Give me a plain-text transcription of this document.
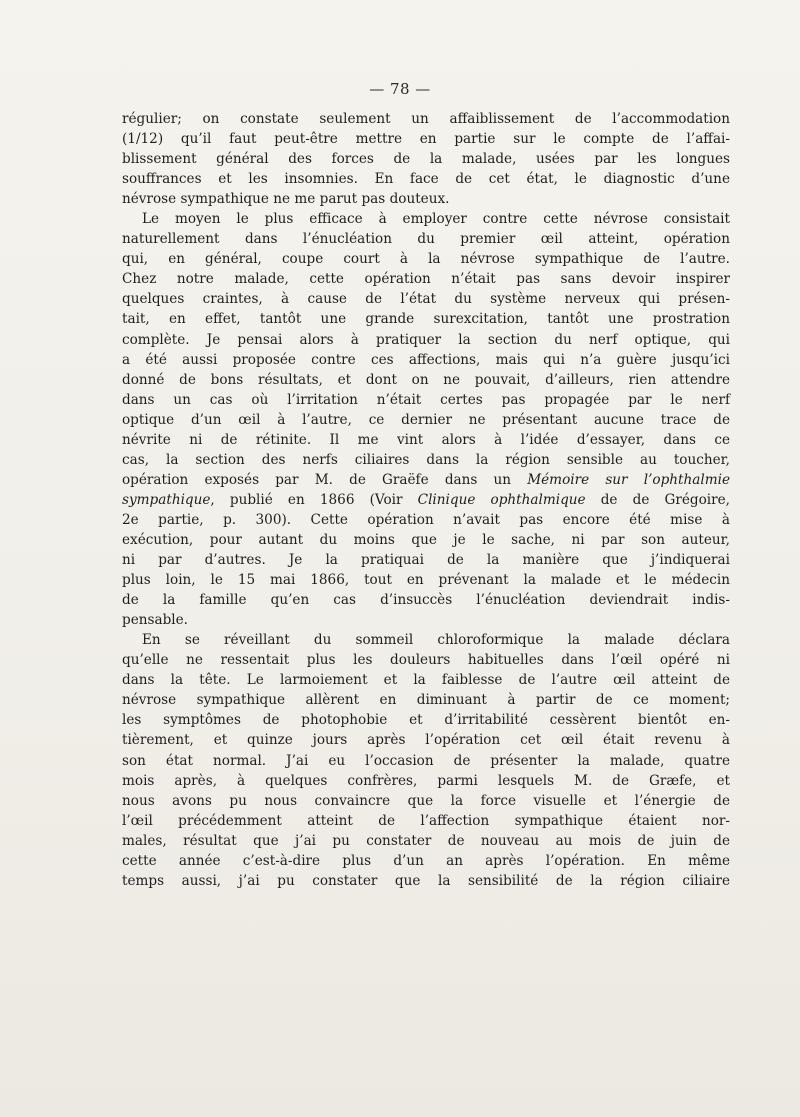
— 78 —
régulier; on constate seulement un affaiblissement de l’accommodation
(1/12) qu’il faut peut-être mettre en partie sur le compte de l’affai-
blissement général des forces de la malade, usées par les longues
souffrances et les insomnies. En face de cet état, le diagnostic d’une
névrose sympathique ne me parut pas douteux.
Le moyen le plus efficace à employer contre cette névrose consistait
naturellement dans l’énucléation du premier œil atteint, opération
qui, en général, coupe court à la névrose sympathique de l’autre.
Chez notre malade, cette opération n’était pas sans devoir inspirer
quelques craintes, à cause de l’état du système nerveux qui présen-
tait, en effet, tantôt une grande surexcitation, tantôt une prostration
complète. Je pensai alors à pratiquer la section du nerf optique, qui
a été aussi proposée contre ces affections, mais qui n’a guère jusqu’ici
donné de bons résultats, et dont on ne pouvait, d’ailleurs, rien attendre
dans un cas où l’irritation n’était certes pas propagée par le nerf
optique d’un œil à l’autre, ce dernier ne présentant aucune trace de
névrite ni de rétinite. Il me vint alors à l’idée d’essayer, dans ce
cas, la section des nerfs ciliaires dans la région sensible au toucher,
opération exposés par M. de Graëfe dans un Mémoire sur l’ophthalmie
sympathique, publié en 1866 (Voir Clinique ophthalmique de de Grégoire,
2e partie, p. 300). Cette opération n’avait pas encore été mise à
exécution, pour autant du moins que je le sache, ni par son auteur,
ni par d’autres. Je la pratiquai de la manière que j’indiquerai
plus loin, le 15 mai 1866, tout en prévenant la malade et le médecin
de la famille qu’en cas d’insuccès l’énucléation deviendrait indis-
pensable.
En se réveillant du sommeil chloroformique la malade déclara
qu’elle ne ressentait plus les douleurs habituelles dans l’œil opéré ni
dans la tête. Le larmoiement et la faiblesse de l’autre œil atteint de
névrose sympathique allèrent en diminuant à partir de ce moment;
les symptômes de photophobie et d’irritabilité cessèrent bientôt en-
tièrement, et quinze jours après l’opération cet œil était revenu à
son état normal. J’ai eu l’occasion de présenter la malade, quatre
mois après, à quelques confrères, parmi lesquels M. de Græfe, et
nous avons pu nous convaincre que la force visuelle et l’énergie de
l’œil précédemment atteint de l’affection sympathique étaient nor-
males, résultat que j’ai pu constater de nouveau au mois de juin de
cette année c’est-à-dire plus d’un an après l’opération. En même
temps aussi, j’ai pu constater que la sensibilité de la région ciliaire
